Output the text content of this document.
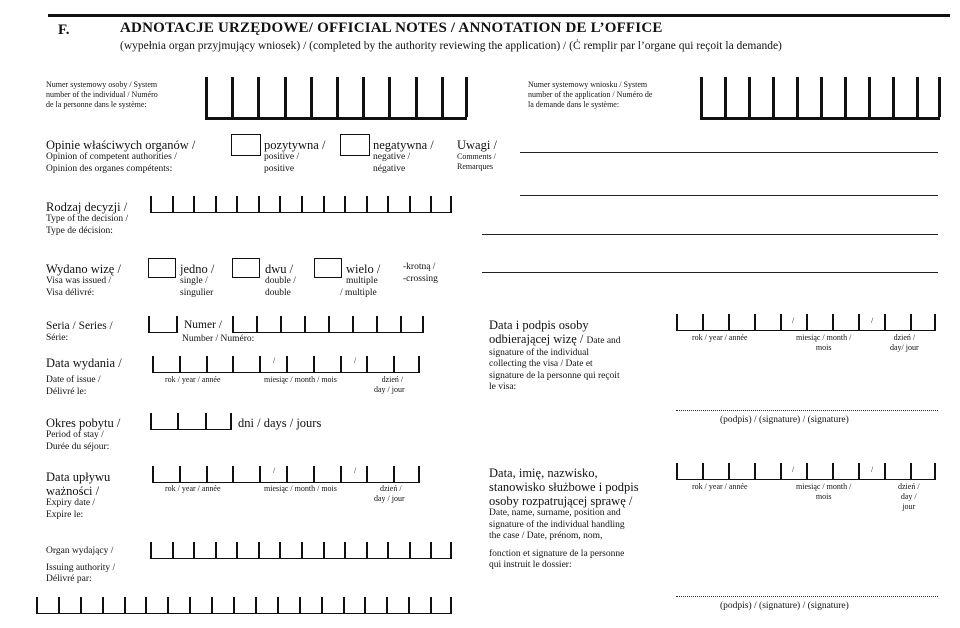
F.	ADNOTACJE URZĘDOWE/ OFFICIAL NOTES / ANNOTATION DE L’OFFICE
(wypełnia organ przyjmujący wniosek) / (completed by the authority reviewing the application) / (Ċ remplir par l’organe qui reçoit la demande)
Numer systemowy osoby / System
number of the individual / Numéro
de la personne dans le système:
Numer systemowy wniosku / System
number of the application / Numéro de
la demande dans le système:
Opinie właściwych organów /
Opinion of competent authorities /
Opinion des organes compétents:
pozytywna /
positive /
positive
negatywna /
negative /
négative
Uwagi /
Comments /
Remarques
Rodzaj decyzji /
Type of the decision /
Type de décision:
Wydano wizę /
Visa was issued /
Visa délivré:
jedno /
single /
singulier
dwu /
double /
double
wielo /
multiple
/ multiple
-krotną /
-crossing
Seria / Series /
Série:
Numer /
Number / Numéro:
Data wydania /
Date of issue /
Délivré le:
/	/
rok / year / année	miesiąc / month / mois	dzień /
day / jour
Okres pobytu /
Period of stay /
Durée du séjour:
dni / days / jours
Data upływu
ważności /
Expiry date /
Expire le:
/	/
rok / year / année	miesiąc / month / mois	dzień /
day / jour
Organ wydający /
Issuing authority /
Délivré par:
Data i podpis osoby
odbierającej wizę / Date and
signature of the individual
collecting the visa / Date et
signature de la personne qui reçoit
le visa:
/	/
rok / year / année	miesiąc / month /
mois
dzień /
day/ jour
(podpis) / (signature) / (signature)
Data, imię, nazwisko,
stanowisko służbowe i podpis
osoby rozpatrującej sprawę /
Date, name, surname, position and
signature of the individual handling
the case / Date, prénom, nom,
fonction et signature de la personne
qui instruit le dossier:
/	/
rok / year / année	miesiąc / month /
mois
dzień /
day /
jour
(podpis) / (signature) / (signature)
